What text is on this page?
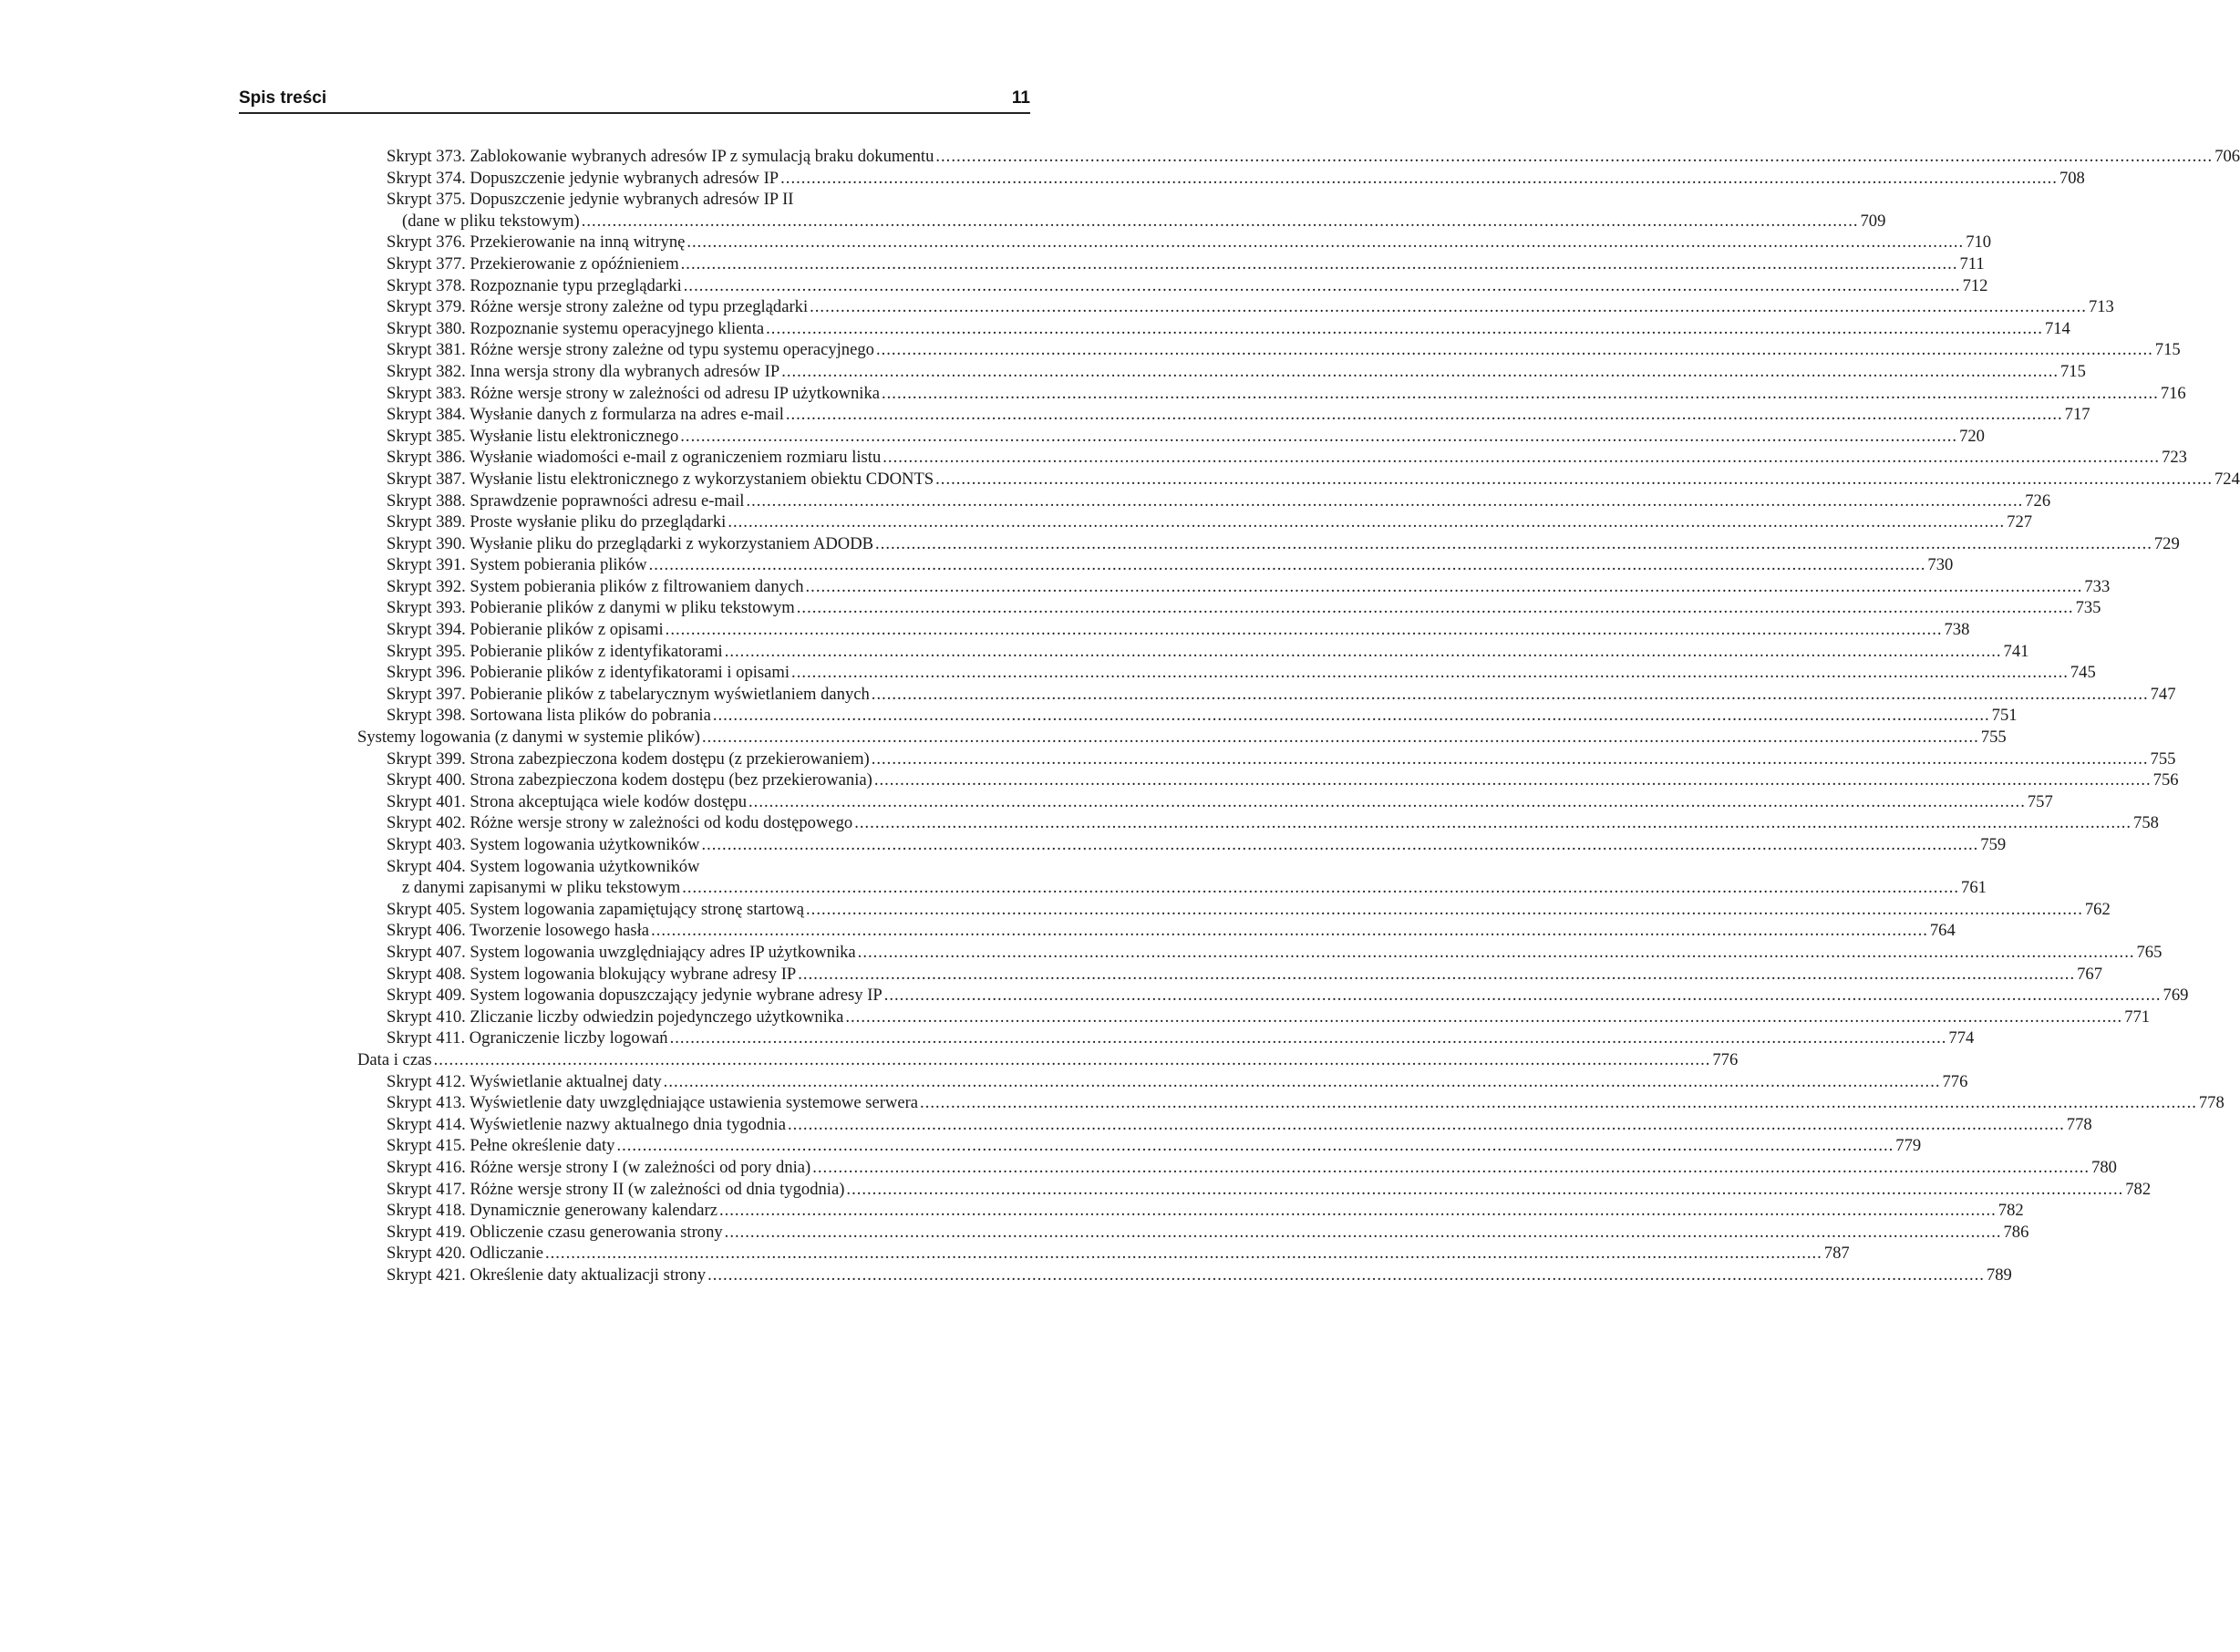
Spis treści	11
Skrypt 373. Zablokowanie wybranych adresów IP z symulacją braku dokumentu .....	706
Skrypt 374. Dopuszczenie jedynie wybranych adresów IP .....	708
Skrypt 375. Dopuszczenie jedynie wybranych adresów IP II
(dane w pliku tekstowym) .....	709
Skrypt 376. Przekierowanie na inną witrynę .....	710
Skrypt 377. Przekierowanie z opóźnieniem .....	711
Skrypt 378. Rozpoznanie typu przeglądarki .....	712
Skrypt 379. Różne wersje strony zależne od typu przeglądarki .....	713
Skrypt 380. Rozpoznanie systemu operacyjnego klienta .....	714
Skrypt 381. Różne wersje strony zależne od typu systemu operacyjnego .....	715
Skrypt 382. Inna wersja strony dla wybranych adresów IP .....	715
Skrypt 383. Różne wersje strony w zależności od adresu IP użytkownika .....	716
Skrypt 384. Wysłanie danych z formularza na adres e-mail .....	717
Skrypt 385. Wysłanie listu elektronicznego .....	720
Skrypt 386. Wysłanie wiadomości e-mail z ograniczeniem rozmiaru listu .....	723
Skrypt 387. Wysłanie listu elektronicznego z wykorzystaniem obiektu CDONTS .....	724
Skrypt 388. Sprawdzenie poprawności adresu e-mail .....	726
Skrypt 389. Proste wysłanie pliku do przeglądarki .....	727
Skrypt 390. Wysłanie pliku do przeglądarki z wykorzystaniem ADODB .....	729
Skrypt 391. System pobierania plików .....	730
Skrypt 392. System pobierania plików z filtrowaniem danych .....	733
Skrypt 393. Pobieranie plików z danymi w pliku tekstowym .....	735
Skrypt 394. Pobieranie plików z opisami .....	738
Skrypt 395. Pobieranie plików z identyfikatorami .....	741
Skrypt 396. Pobieranie plików z identyfikatorami i opisami .....	745
Skrypt 397. Pobieranie plików z tabelarycznym wyświetlaniem danych .....	747
Skrypt 398. Sortowana lista plików do pobrania .....	751
Systemy logowania (z danymi w systemie plików) .....	755
Skrypt 399. Strona zabezpieczona kodem dostępu (z przekierowaniem) .....	755
Skrypt 400. Strona zabezpieczona kodem dostępu (bez przekierowania) .....	756
Skrypt 401. Strona akceptująca wiele kodów dostępu .....	757
Skrypt 402. Różne wersje strony w zależności od kodu dostępowego .....	758
Skrypt 403. System logowania użytkowników .....	759
Skrypt 404. System logowania użytkowników
z danymi zapisanymi w pliku tekstowym .....	761
Skrypt 405. System logowania zapamiętujący stronę startową .....	762
Skrypt 406. Tworzenie losowego hasła .....	764
Skrypt 407. System logowania uwzględniający adres IP użytkownika .....	765
Skrypt 408. System logowania blokujący wybrane adresy IP .....	767
Skrypt 409. System logowania dopuszczający jedynie wybrane adresy IP .....	769
Skrypt 410. Zliczanie liczby odwiedzin pojedynczego użytkownika .....	771
Skrypt 411. Ograniczenie liczby logowań .....	774
Data i czas .....	776
Skrypt 412. Wyświetlanie aktualnej daty .....	776
Skrypt 413. Wyświetlenie daty uwzględniające ustawienia systemowe serwera .....	778
Skrypt 414. Wyświetlenie nazwy aktualnego dnia tygodnia .....	778
Skrypt 415. Pełne określenie daty .....	779
Skrypt 416. Różne wersje strony I (w zależności od pory dnia) .....	780
Skrypt 417. Różne wersje strony II (w zależności od dnia tygodnia) .....	782
Skrypt 418. Dynamicznie generowany kalendarz .....	782
Skrypt 419. Obliczenie czasu generowania strony .....	786
Skrypt 420. Odliczanie .....	787
Skrypt 421. Określenie daty aktualizacji strony .....	789
